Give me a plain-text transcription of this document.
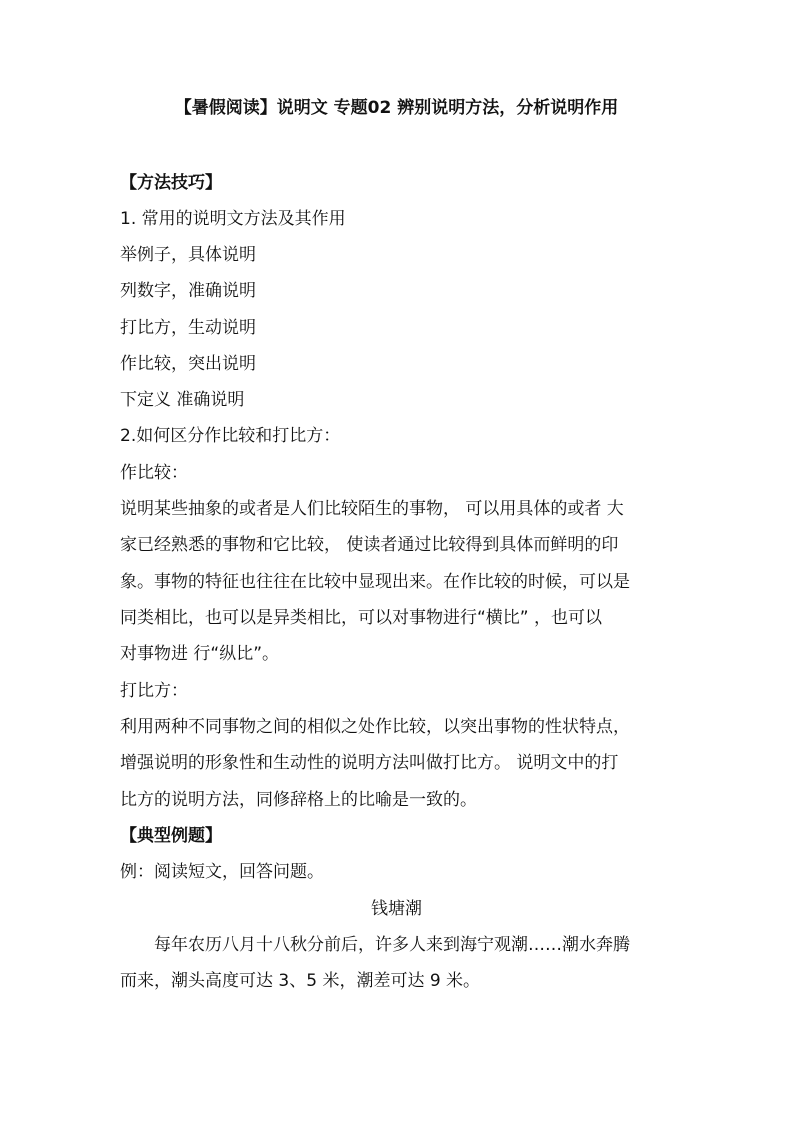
【暑假阅读】说明文 专题02 辨别说明方法，分析说明作用
【方法技巧】
1. 常用的说明文方法及其作用
举例子，具体说明
列数字，准确说明
打比方，生动说明
作比较，突出说明
下定义 准确说明
2.如何区分作比较和打比方：
作比较：
说明某些抽象的或者是人们比较陌生的事物， 可以用具体的或者 大
家已经熟悉的事物和它比较， 使读者通过比较得到具体而鲜明的印
象。事物的特征也往往在比较中显现出来。在作比较的时候，可以是
同类相比，也可以是异类相比，可以对事物进行“横比” ，也可以
对事物进 行“纵比”。
打比方：
利用两种不同事物之间的相似之处作比较，以突出事物的性状特点，
增强说明的形象性和生动性的说明方法叫做打比方。 说明文中的打
比方的说明方法，同修辞格上的比喻是一致的。
【典型例题】
例：阅读短文，回答问题。
钱塘潮
每年农历八月十八秋分前后，许多人来到海宁观潮……潮水奔腾
而来，潮头高度可达 3、5 米，潮差可达 9 米。
